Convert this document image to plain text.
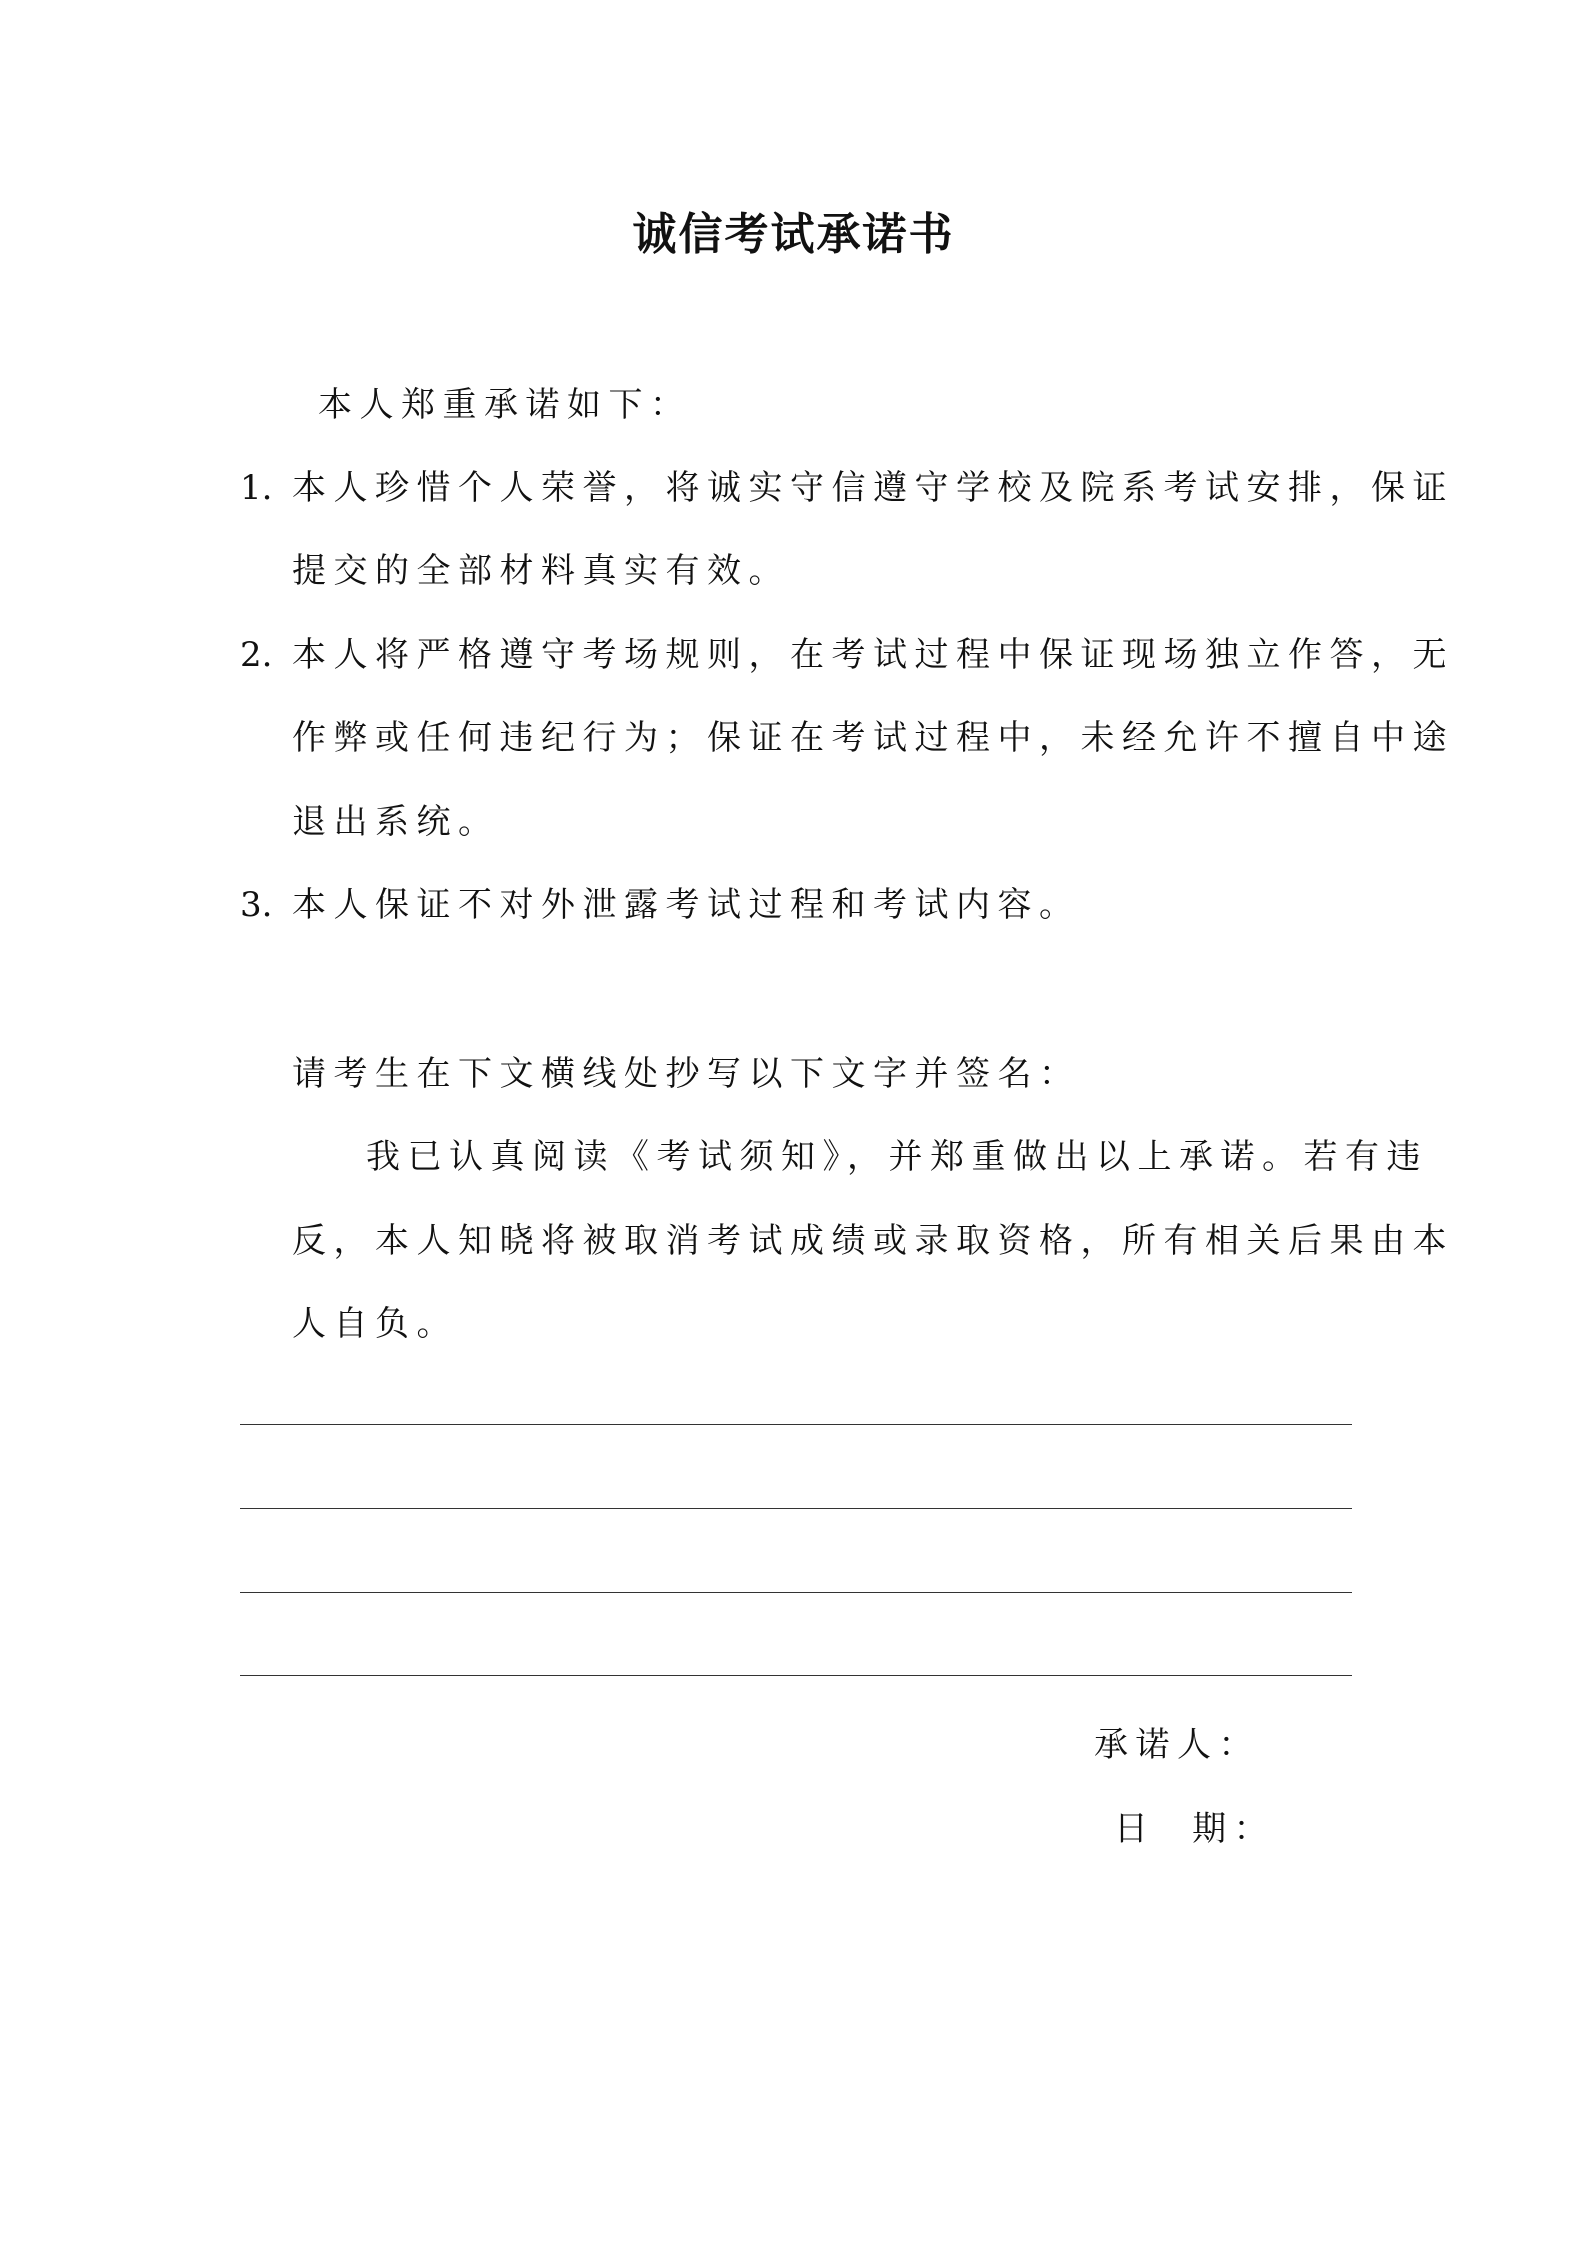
诚信考试承诺书
本人郑重承诺如下：
1. 本人珍惜个人荣誉，将诚实守信遵守学校及院系考试安排，保证
提交的全部材料真实有效。
2. 本人将严格遵守考场规则，在考试过程中保证现场独立作答，无
作弊或任何违纪行为；保证在考试过程中，未经允许不擅自中途
退出系统。
3. 本人保证不对外泄露考试过程和考试内容。
请考生在下文横线处抄写以下文字并签名：
我已认真阅读《考试须知》，并郑重做出以上承诺。若有违
反，本人知晓将被取消考试成绩或录取资格，所有相关后果由本
人自负。
承诺人：
日  期：
